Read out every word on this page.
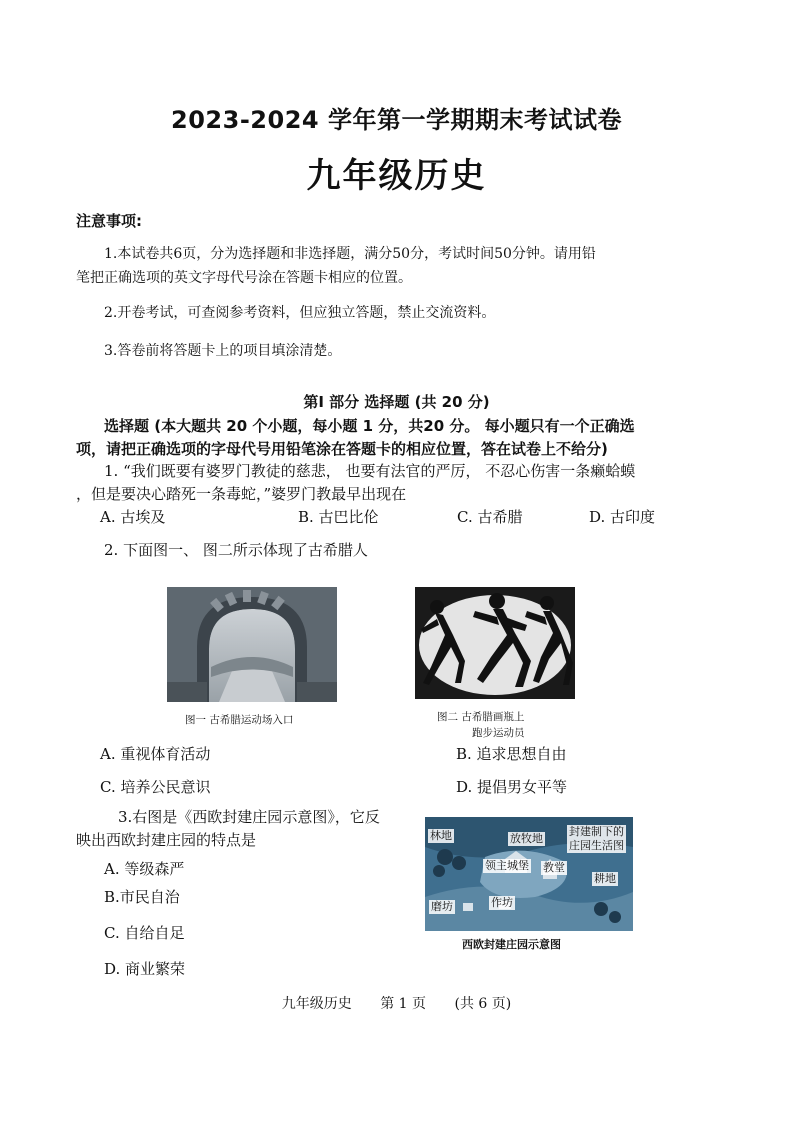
2023-2024 学年第一学期期末考试试卷
九年级历史
注意事项:
1.本试卷共6页，分为选择题和非选择题，满分50分，考试时间50分钟。请用铅
笔把正确选项的英文字母代号涂在答题卡相应的位置。
2.开卷考试，可查阅参考资料，但应独立答题，禁止交流资料。
3.答卷前将答题卡上的项目填涂清楚。
第Ⅰ 部分 选择题 (共 20 分)
选择题 (本大题共 20 个小题，每小题 1 分，共20 分。 每小题只有一个正确选
项，请把正确选项的字母代号用铅笔涂在答题卡的相应位置，答在试卷上不给分)
1. “我们既要有婆罗门教徒的慈悲， 也要有法官的严厉， 不忍心伤害一条癞蛤蟆
，但是要决心踏死一条毒蛇，”婆罗门教最早出现在
A. 古埃及	B. 古巴比伦	C. 古希腊	D. 古印度
2. 下面图一、 图二所示体现了古希腊人
图一 古希腊运动场入口	图二 古希腊画瓶上
跑步运动员
A. 重视体育活动	B. 追求思想自由
C. 培养公民意识	D. 提倡男女平等
3.右图是《西欧封建庄园示意图》，它反
映出西欧封建庄园的特点是
A. 等级森严
B.市民自治
C. 自给自足
D. 商业繁荣
林地	放牧地
封建制下的
庄园生活图
领主城堡 教堂
耕地
磨坊	作坊
西欧封建庄园示意图
九年级历史 第 1 页 (共 6 页)
